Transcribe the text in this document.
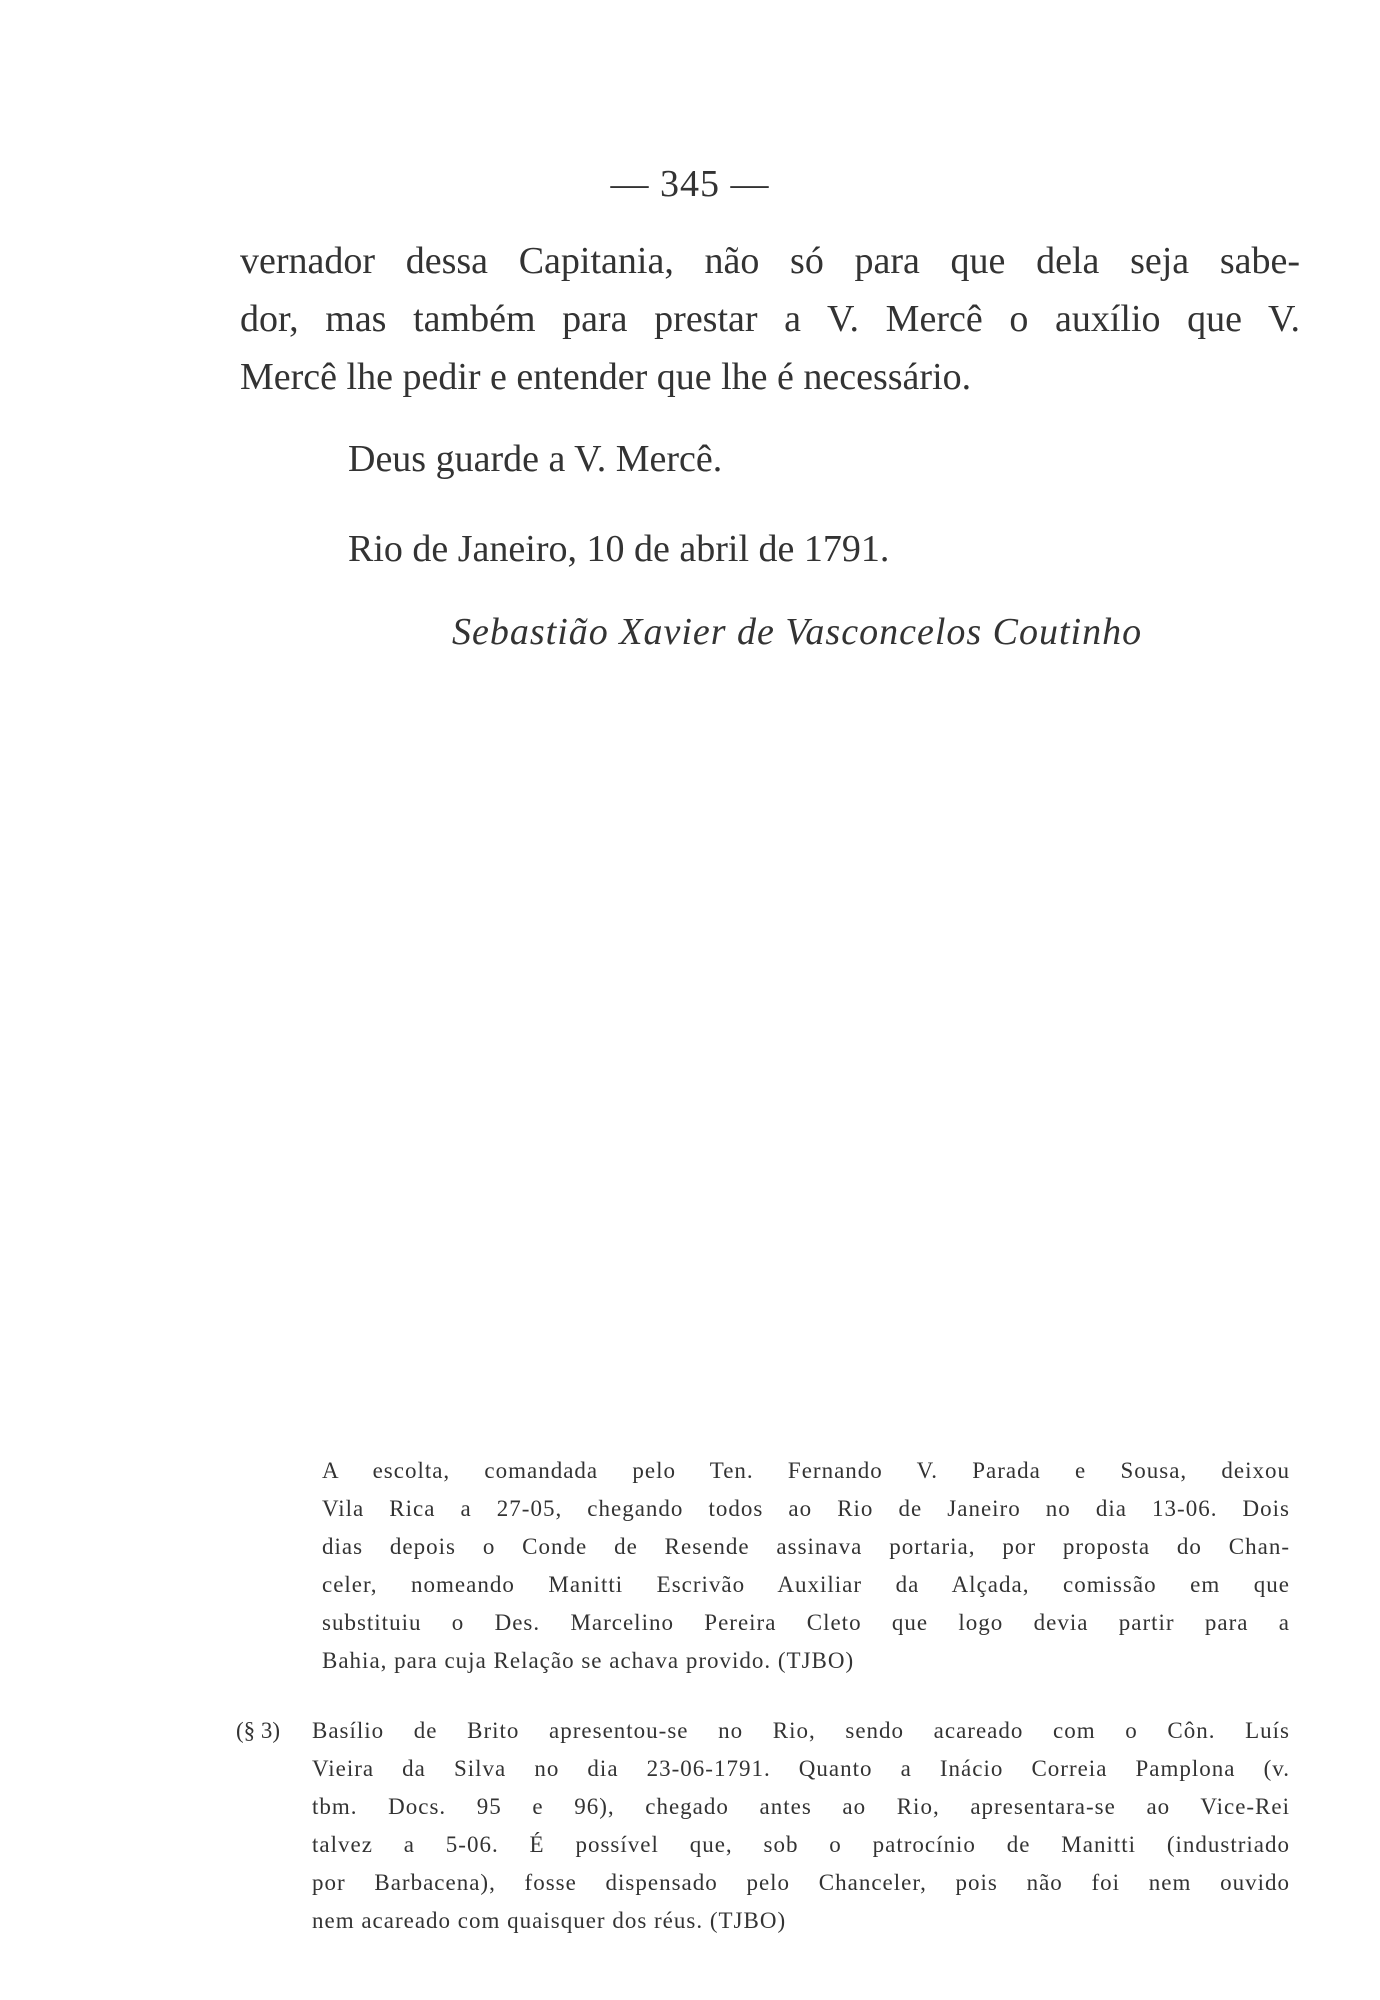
— 345 —
vernador dessa Capitania, não só para que dela seja sabe-
dor, mas também para prestar a V. Mercê o auxílio que V.
Mercê lhe pedir e entender que lhe é necessário.
Deus guarde a V. Mercê.
Rio de Janeiro, 10 de abril de 1791.
Sebastião Xavier de Vasconcelos Coutinho
A escolta, comandada pelo Ten. Fernando V. Parada e Sousa, deixou
Vila Rica a 27-05, chegando todos ao Rio de Janeiro no dia 13-06. Dois
dias depois o Conde de Resende assinava portaria, por proposta do Chan-
celer, nomeando Manitti Escrivão Auxiliar da Alçada, comissão em que
substituiu o Des. Marcelino Pereira Cleto que logo devia partir para a
Bahia, para cuja Relação se achava provido. (TJBO)
(§ 3) Basílio de Brito apresentou-se no Rio, sendo acareado com o Côn. Luís
Vieira da Silva no dia 23-06-1791. Quanto a Inácio Correia Pamplona (v.
tbm. Docs. 95 e 96), chegado antes ao Rio, apresentara-se ao Vice-Rei
talvez a 5-06. É possível que, sob o patrocínio de Manitti (industriado
por Barbacena), fosse dispensado pelo Chanceler, pois não foi nem ouvido
nem acareado com quaisquer dos réus. (TJBO)
